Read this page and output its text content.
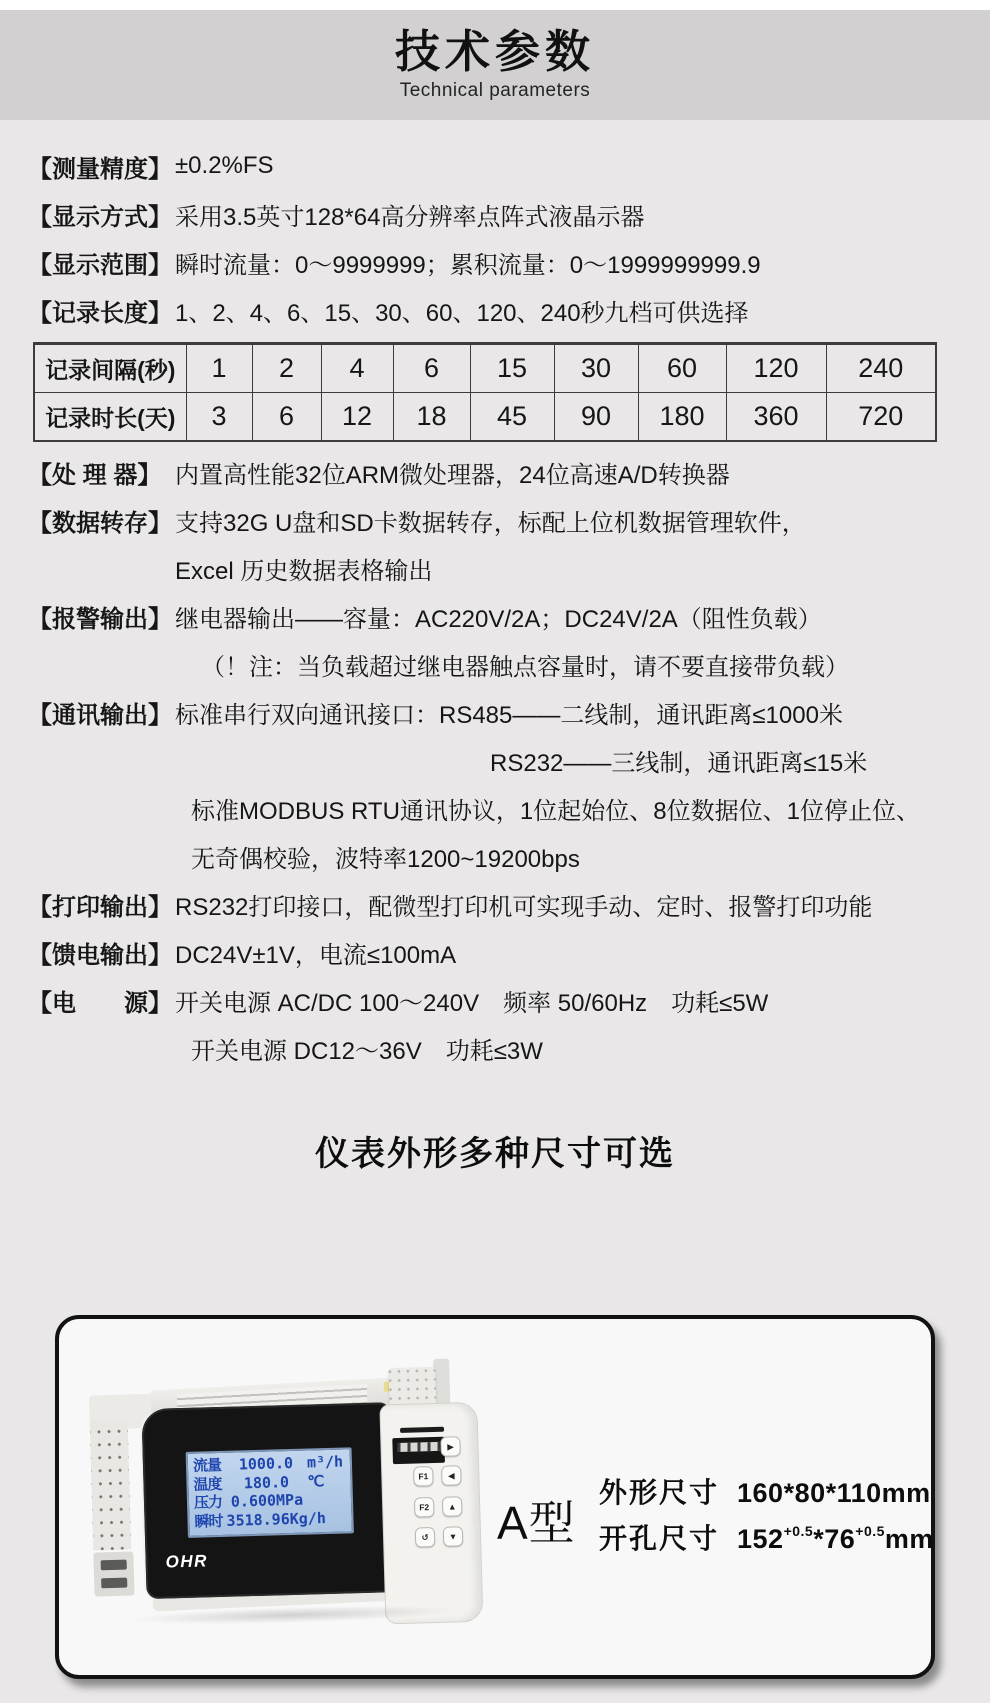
技术参数
Technical parameters
【测量精度】 ±0.2%FS
【显示方式】 采用3.5英寸128*64高分辨率点阵式液晶示器
【显示范围】 瞬时流量：0～9999999；累积流量：0～1999999999.9
【记录长度】 1、2、4、6、15、30、60、120、240秒九档可供选择
记录间隔(秒)	1	2	4	6	15	30	60	120	240
记录时长(天)	3	6	12	18	45	90	180	360	720
【处 理 器】 内置高性能32位ARM微处理器，24位高速A/D转换器
【数据转存】 支持32G U盘和SD卡数据转存，标配上位机数据管理软件，
Excel 历史数据表格输出
【报警输出】 继电器输出——容量：AC220V/2A；DC24V/2A（阻性负载）
（！注：当负载超过继电器触点容量时，请不要直接带负载）
【通讯输出】 标准串行双向通讯接口：RS485——二线制，通讯距离≤1000米
RS232——三线制，通讯距离≤15米
标准MODBUS RTU通讯协议，1位起始位、8位数据位、1位停止位、
无奇偶校验，波特率1200~19200bps
【打印输出】 RS232打印接口，配微型打印机可实现手动、定时、报警打印功能
【馈电输出】 DC24V±1V，电流≤100mA
【电　　源】 开关电源 AC/DC 100～240V　频率 50/60Hz　功耗≤5W
开关电源 DC12～36V　功耗≤3W
仪表外形多种尺寸可选
流量	1000.0 m³/h
温度	180.0	℃
压力 0.600MPa
瞬时 3518.96Kg/h
OHR
▶
F1 ◀
F2 ▲
↺ ▼ A型
外形尺寸 160*80*110mm
开孔尺寸 $152^{+0.5}*76^{+0.5}mm$
